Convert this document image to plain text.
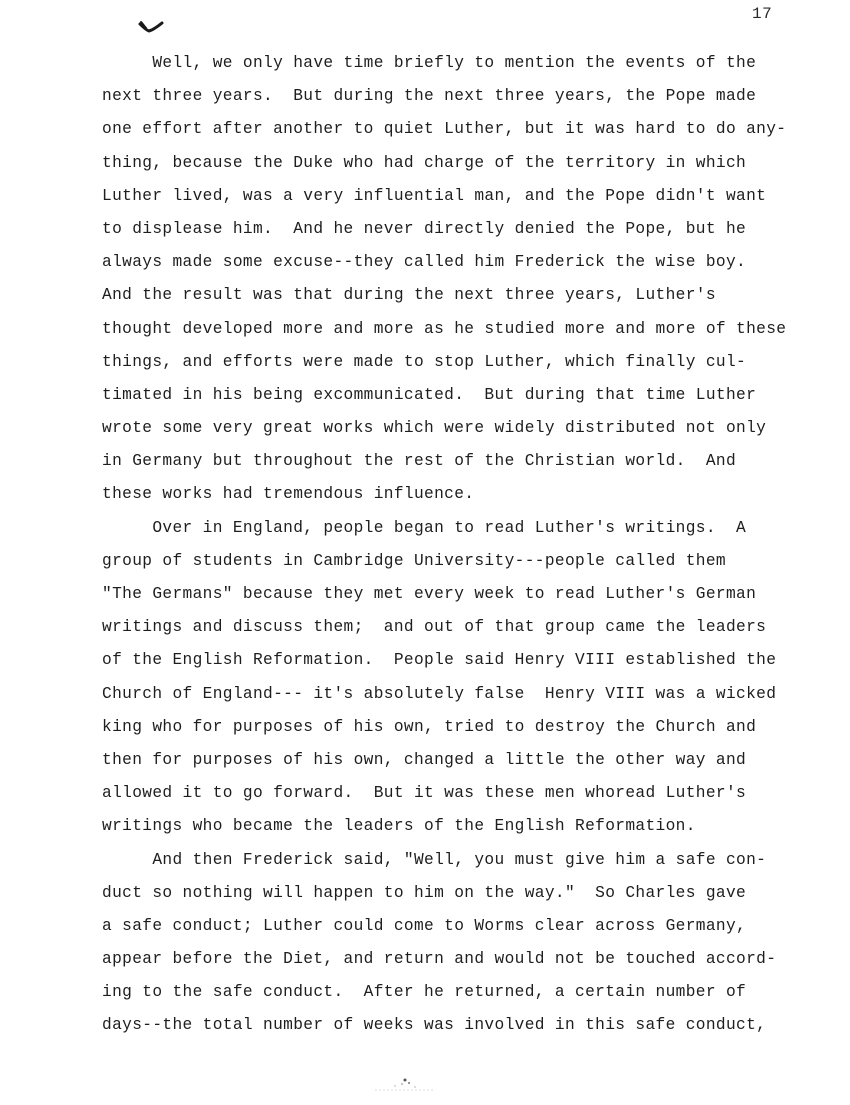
17
Well, we only have time briefly to mention the events of the
next three years.  But during the next three years, the Pope made
one effort after another to quiet Luther, but it was hard to do any-
thing, because the Duke who had charge of the territory in which
Luther lived, was a very influential man, and the Pope didn't want
to displease him.  And he never directly denied the Pope, but he
always made some excuse--they called him Frederick the wise boy.
And the result was that during the next three years, Luther's
thought developed more and more as he studied more and more of these
things, and efforts were made to stop Luther, which finally cul-
timated in his being excommunicated.  But during that time Luther
wrote some very great works which were widely distributed not only
in Germany but throughout the rest of the Christian world.  And
these works had tremendous influence.
Over in England, people began to read Luther's writings.  A
group of students in Cambridge University---people called them
"The Germans" because they met every week to read Luther's German
writings and discuss them;  and out of that group came the leaders
of the English Reformation.  People said Henry VIII established the
Church of England--- it's absolutely false  Henry VIII was a wicked
king who for purposes of his own, tried to destroy the Church and
then for purposes of his own, changed a little the other way and
allowed it to go forward.  But it was these men whoread Luther's
writings who became the leaders of the English Reformation.
And then Frederick said, "Well, you must give him a safe con-
duct so nothing will happen to him on the way."  So Charles gave
a safe conduct; Luther could come to Worms clear across Germany,
appear before the Diet, and return and would not be touched accord-
ing to the safe conduct.  After he returned, a certain number of
days--the total number of weeks was involved in this safe conduct,
